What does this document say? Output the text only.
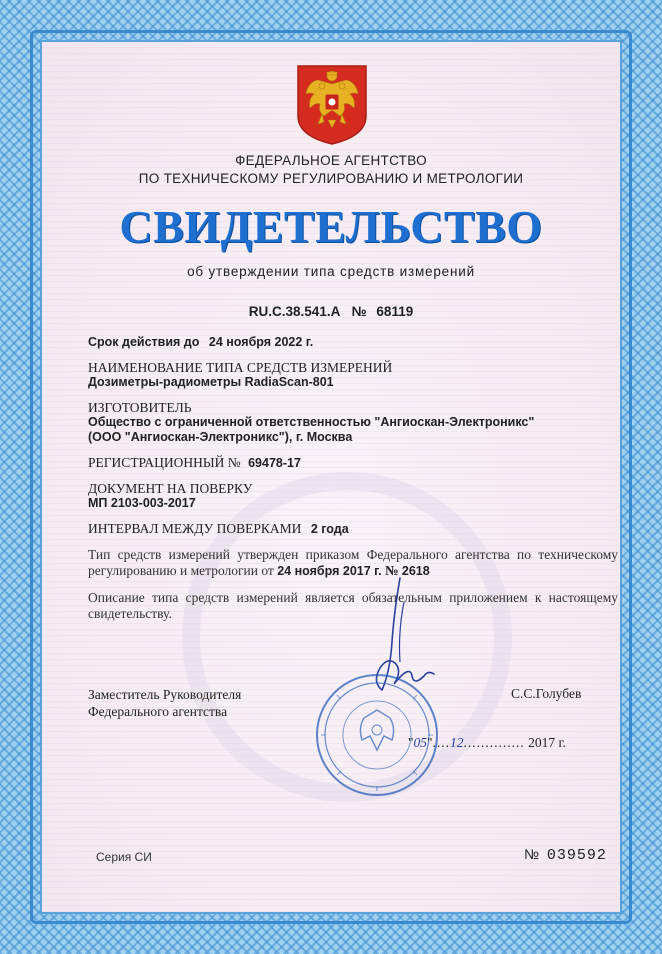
ФЕДЕРАЛЬНОЕ АГЕНТСТВО
ПО ТЕХНИЧЕСКОМУ РЕГУЛИРОВАНИЮ И МЕТРОЛОГИИ
СВИДЕТЕЛЬСТВО
об утверждении типа средств измерений
RU.C.38.541.A № 68119
Срок действия до 24 ноября 2022 г.
НАИМЕНОВАНИЕ ТИПА СРЕДСТВ ИЗМЕРЕНИЙ
Дозиметры-радиометры RadiaScan-801
ИЗГОТОВИТЕЛЬ
Общество с ограниченной ответственностью "Ангиоскан-Электроникс"
(ООО "Ангиоскан-Электроникс"), г. Москва
РЕГИСТРАЦИОННЫЙ № 69478-17
ДОКУМЕНТ НА ПОВЕРКУ
МП 2103-003-2017
ИНТЕРВАЛ МЕЖДУ ПОВЕРКАМИ 2 года
Тип средств измерений утвержден приказом Федерального агентства по техническому регулированию и метрологии от 24 ноября 2017 г. № 2618
Описание типа средств измерений является обязательным приложением к настоящему свидетельству.
Заместитель Руководителя
Федерального агентства
С.С.Голубев
"05"....12.............. 2017 г.
Серия СИ	№ 039592
